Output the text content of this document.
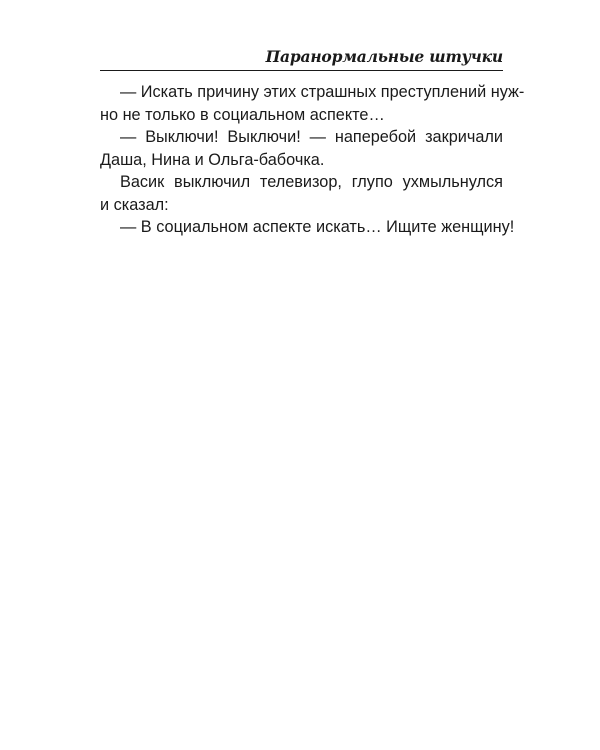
Паранормальные штучки
— Искать причину этих страшных преступлений нуж-
но не только в социальном аспекте…
— Выключи! Выключи! — наперебой закричали
Даша, Нина и Ольга-бабочка.
Васик выключил телевизор, глупо ухмыльнулся
и сказал:
— В социальном аспекте искать… Ищите женщину!
